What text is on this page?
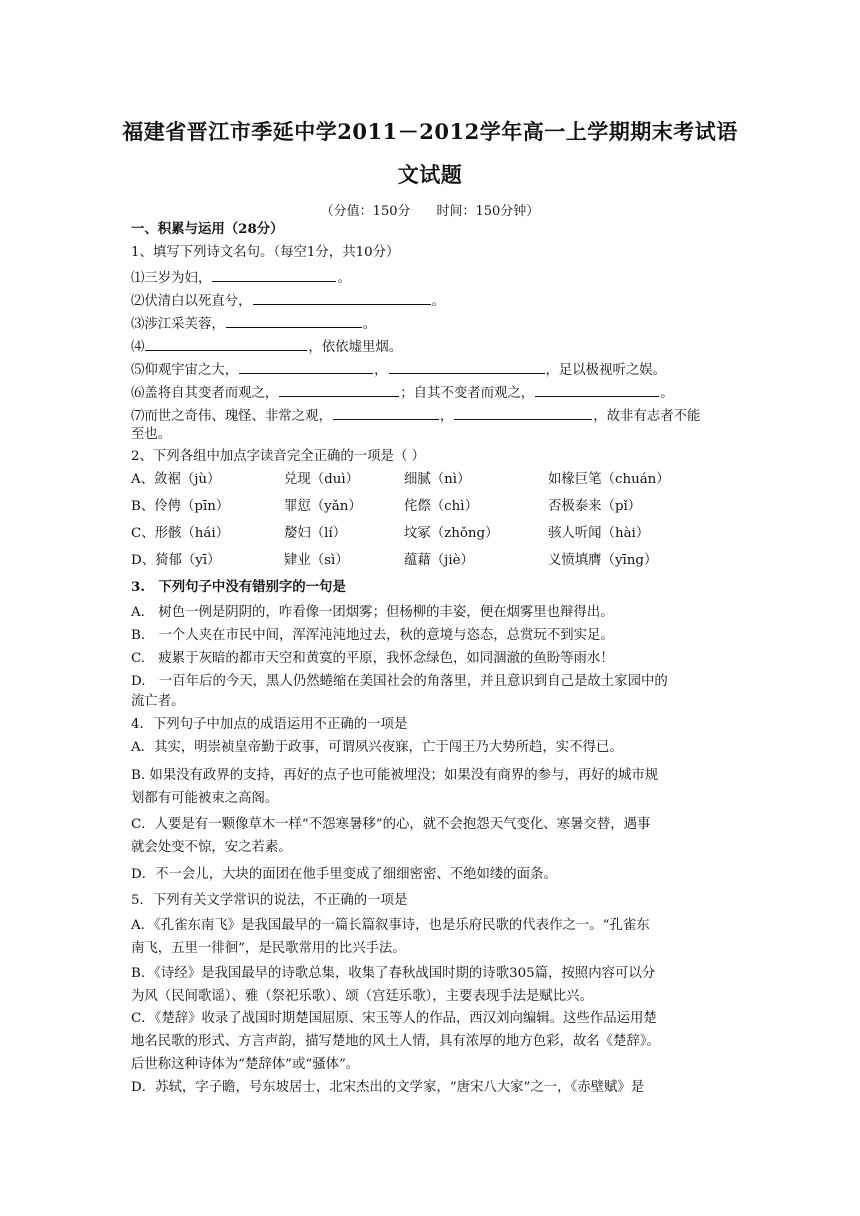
福建省晋江市季延中学2011－2012学年高一上学期期末考试语
文试题
（分值：150分　　时间：150分钟）
一、积累与运用（28分）
1、填写下列诗文名句。（每空1分，共10分）
⑴三岁为妇，	。
⑵伏清白以死直兮，	。
⑶涉江采芙蓉，	。
⑷	，依依墟里烟。
⑸仰观宇宙之大，	，	，足以极视听之娱。
⑹盖将自其变者而观之，	；自其不变者而观之，	。
⑺而世之奇伟、瑰怪、非常之观，	，	，故非有志者不能
至也。
2、下列各组中加点字读音完全正确的一项是（ ）
A、敛裾（jù）	兑现（duì）	细腻（nì）	如椽巨笔（chuán）
B、伶俜（pīn）	罪愆（yǎn）	侘傺（chì）	否极泰来（pǐ）
C、形骸（hái）	嫠妇（lí）	坟冢（zhǒng）	骇人听闻（hài）
D、猗郁（yī）	肄业（sì）	蕴藉（jiè）	义愤填膺（yīng）
3.　下列句子中没有错别字的一句是
A.　树色一例是阴阴的，咋看像一团烟雾；但杨柳的丰姿，便在烟雾里也辩得出。
B.　一个人夹在市民中间，浑浑沌沌地过去，秋的意境与恣态，总赏玩不到实足。
C.　疲累于灰暗的都市天空和黄寞的平原，我怀念绿色，如同涸澈的鱼盼等雨水！
D.　一百年后的今天，黑人仍然蜷缩在美国社会的角落里，并且意识到自己是故土家园中的
流亡者。
4．下列句子中加点的成语运用不正确的一项是
A．其实，明崇祯皇帝勤于政事，可谓夙兴夜寐，亡于闯王乃大势所趋，实不得已。
B. 如果没有政界的支持，再好的点子也可能被埋没；如果没有商界的参与，再好的城市规
划都有可能被束之高阁。
C．人要是有一颗像草木一样“不怨寒暑移”的心，就不会抱怨天气变化、寒暑交替，遇事
就会处变不惊，安之若素。
D．不一会儿，大块的面团在他手里变成了细细密密、不绝如缕的面条。
5．下列有关文学常识的说法，不正确的一项是
A．《孔雀东南飞》是我国最早的一篇长篇叙事诗，也是乐府民歌的代表作之一。“孔雀东
南飞，五里一徘徊”，是民歌常用的比兴手法。
B．《诗经》是我国最早的诗歌总集，收集了春秋战国时期的诗歌305篇，按照内容可以分
为风（民间歌谣）、雅（祭祀乐歌）、颂（宫廷乐歌），主要表现手法是赋比兴。
C．《楚辞》收录了战国时期楚国屈原、宋玉等人的作品，西汉刘向编辑。这些作品运用楚
地名民歌的形式、方言声韵，描写楚地的风土人情，具有浓厚的地方色彩，故名《楚辞》。
后世称这种诗体为“楚辞体”或“骚体”。
D．苏轼，字子瞻，号东坡居士，北宋杰出的文学家，“唐宋八大家”之一，《赤壁赋》是
